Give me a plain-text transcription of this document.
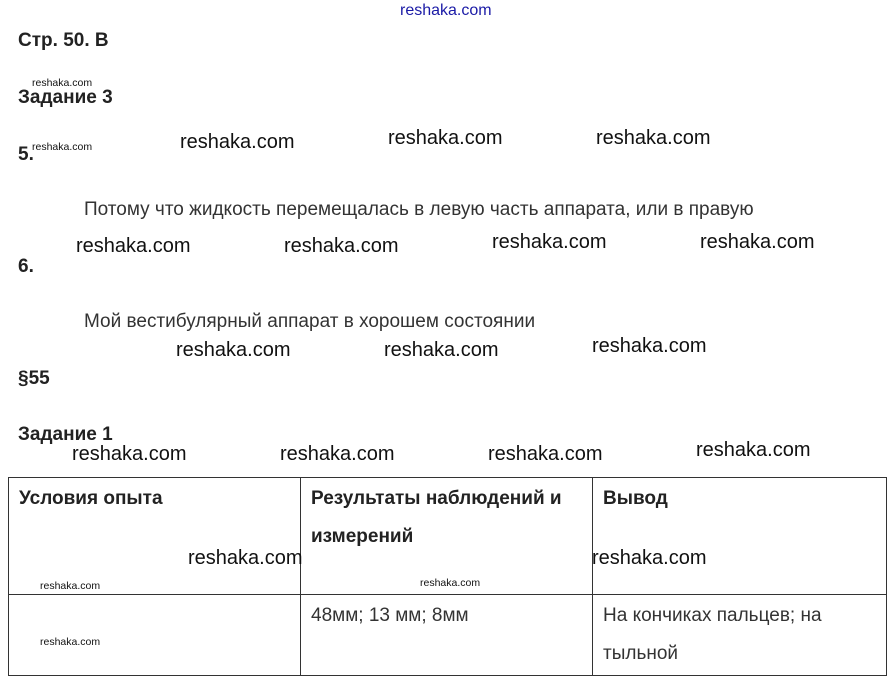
reshaka.com
Стр. 50. В
Задание 3
5.
Потому что жидкость перемещалась в левую часть аппарата, или в правую
6.
Мой вестибулярный аппарат в хорошем состоянии
§55
Задание 1
Условия опыта	Результаты наблюдений и измерений	Вывод
	48мм; 13 мм; 8мм	На кончиках пальцев; на тыльной
reshaka.com
reshaka.com	reshaka.com	reshaka.com	reshaka.com
reshaka.com	reshaka.com	reshaka.com	reshaka.com
reshaka.com	reshaka.com	reshaka.com
reshaka.com	reshaka.com	reshaka.com	reshaka.com
reshaka.com	reshaka.com
reshaka.com	reshaka.com
reshaka.com
